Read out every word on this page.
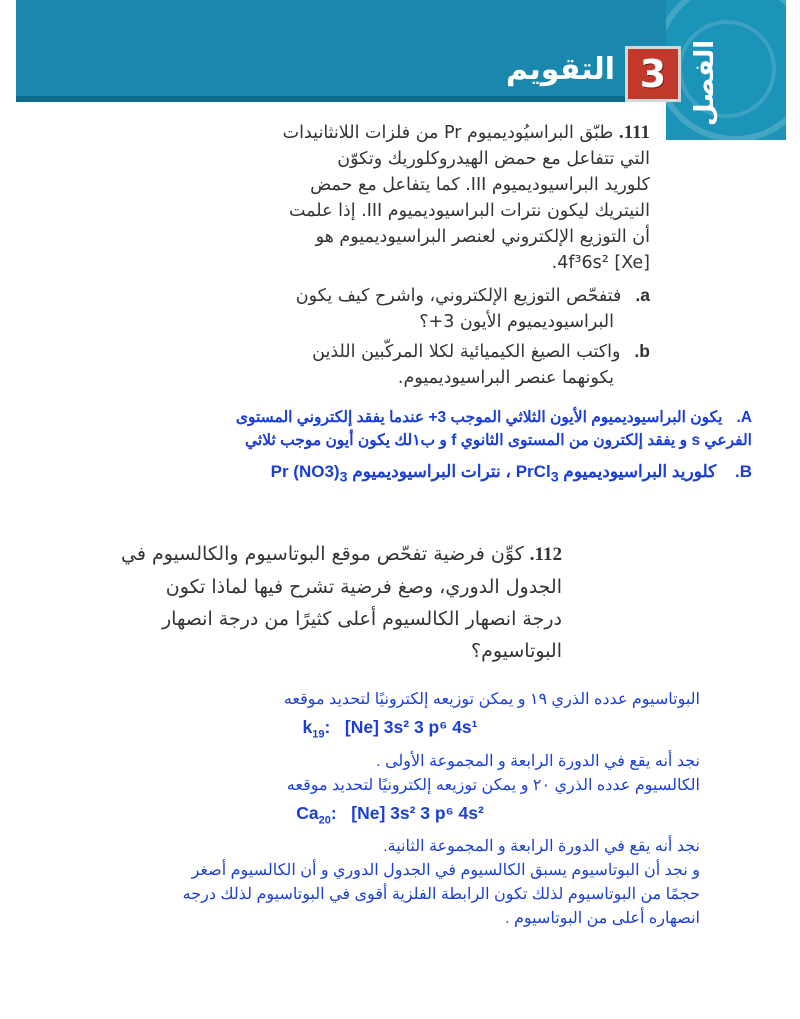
الفصل
3
التقويم
111. طبّق البراسيُوديميوم Pr من فلزات اللانثانيدات
التي تتفاعل مع حمض الهيدروكلوريك وتكوّن
كلوريد البراسيوديميوم III. كما يتفاعل مع حمض
النيتريك ليكون نترات البراسيوديميوم III. إذا علمت
أن التوزيع الإلكتروني لعنصر البراسيوديميوم هو
[Xe] 4f³6s².
a.فتفحّص التوزيع الإلكتروني، واشرح كيف يكون
البراسيوديميوم الأيون 3+؟
b.واكتب الصيغ الكيميائية لكلا المركّبين اللذين
يكونهما عنصر البراسيوديميوم.
A.يكون البراسيوديميوم الأيون الثلاثي الموجب 3+ عندما يفقد إلكتروني المستوى
الفرعي s و يفقد إلكترون من المستوى الثانوي f و ب١لك يكون أيون موجب ثلاثي
B. كلوريد البراسيوديميوم PrCl$_3$ ، نترات البراسيوديميوم Pr $(NO3)_3$
112. كوِّن فرضية تفحّص موقع البوتاسيوم والكالسيوم في
الجدول الدوري، وصغ فرضية تشرح فيها لماذا تكون
درجة انصهار الكالسيوم أعلى كثيرًا من درجة انصهار
البوتاسيوم؟
البوتاسيوم عدده الذري ١٩ و يمكن توزيعه إلكترونيًا لتحديد موقعه
$k_{19}$:   [Ne] 3s² 3 p⁶ 4s¹
نجد أنه يقع في الدورة الرابعة و المجموعة الأولى .
الكالسيوم عدده الذري ٢٠ و يمكن توزيعه إلكترونيًا لتحديد موقعه
$Ca_{20}$:   [Ne] 3s² 3 p⁶ 4s²
نجد أنه يقع في الدورة الرابعة و المجموعة الثانية.
و نجد أن البوتاسيوم يسبق الكالسيوم في الجدول الدوري و أن الكالسيوم أصغر
حجمًا من البوتاسيوم لذلك تكون الرابطة الفلزية أقوى في البوتاسيوم لذلك درجه
انصهاره أعلى من البوتاسيوم .
